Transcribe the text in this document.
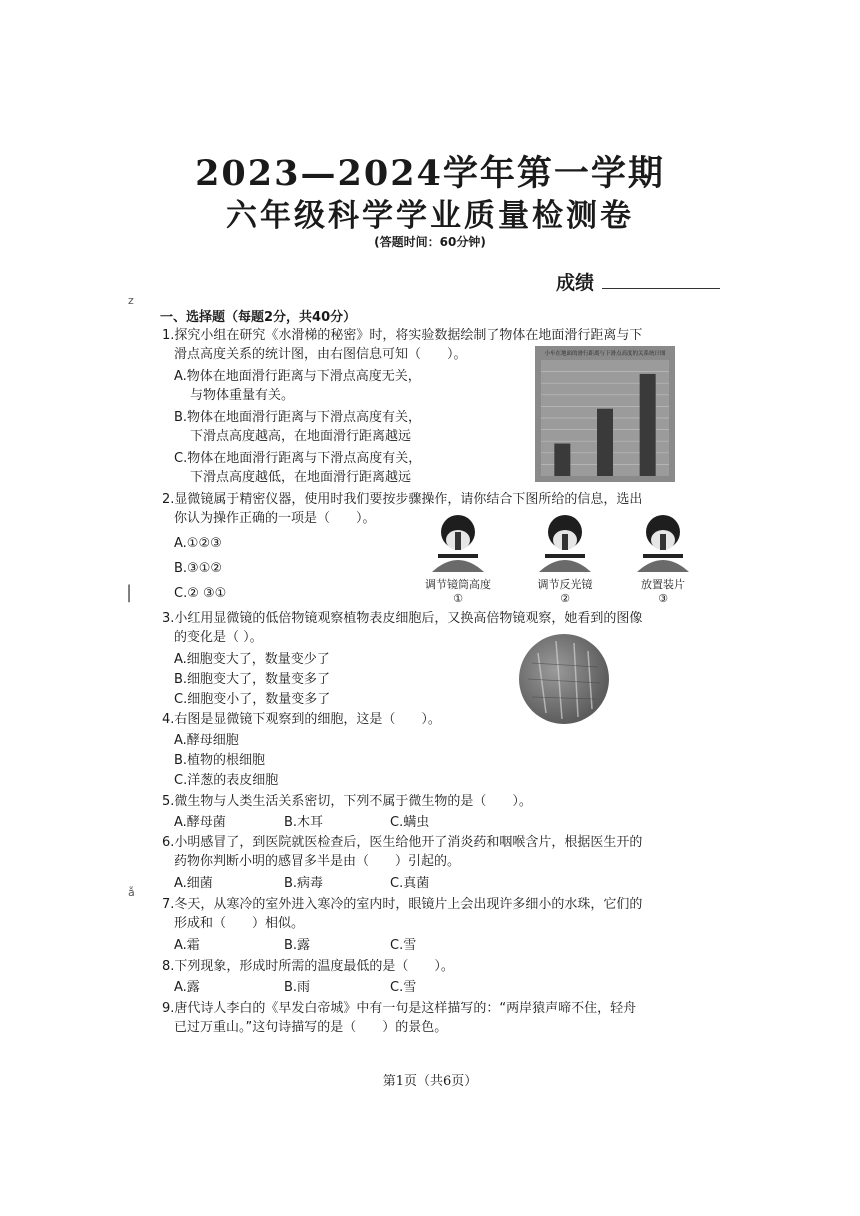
z
|
ẫ
2023—2024学年第一学期
六年级科学学业质量检测卷
(答题时间：60分钟)
成绩
一、选择题（每题2分，共40分）
1.探究小组在研究《水滑梯的秘密》时，将实验数据绘制了物体在地面滑行距离与下
滑点高度关系的统计图，由右图信息可知（　　）。
A.物体在地面滑行距离与下滑点高度无关，
与物体重量有关。
B.物体在地面滑行距离与下滑点高度有关，
下滑点高度越高，在地面滑行距离越远
C.物体在地面滑行距离与下滑点高度有关，
下滑点高度越低，在地面滑行距离越远
小车在地面的滑行距离与下滑点高度的关系统计图
2.显微镜属于精密仪器，使用时我们要按步骤操作，请你结合下图所给的信息，选出
你认为操作正确的一项是（　　）。
A.①②③
B.③①②
C.② ③①
调节镜筒高度
①
调节反光镜
②
放置装片
③
3.小红用显微镜的低倍物镜观察植物表皮细胞后，又换高倍物镜观察，她看到的图像
的变化是（ ）。
A.细胞变大了，数量变少了
B.细胞变大了，数量变多了
C.细胞变小了，数量变多了
4.右图是显微镜下观察到的细胞，这是（　　）。
A.酵母细胞
B.植物的根细胞
C.洋葱的表皮细胞
5.微生物与人类生活关系密切，下列不属于微生物的是（　　）。
A.酵母菌	B.木耳	C.螨虫
6.小明感冒了，到医院就医检查后，医生给他开了消炎药和咽喉含片，根据医生开的
药物你判断小明的感冒多半是由（　　）引起的。
A.细菌	B.病毒	C.真菌
7.冬天，从寒冷的室外进入寒冷的室内时，眼镜片上会出现许多细小的水珠，它们的
形成和（　　）相似。
A.霜	B.露	C.雪
8.下列现象，形成时所需的温度最低的是（　　）。
A.露	B.雨	C.雪
9.唐代诗人李白的《早发白帝城》中有一句是这样描写的：“两岸猿声啼不住，轻舟
已过万重山。”这句诗描写的是（　　）的景色。
第1页（共6页）
